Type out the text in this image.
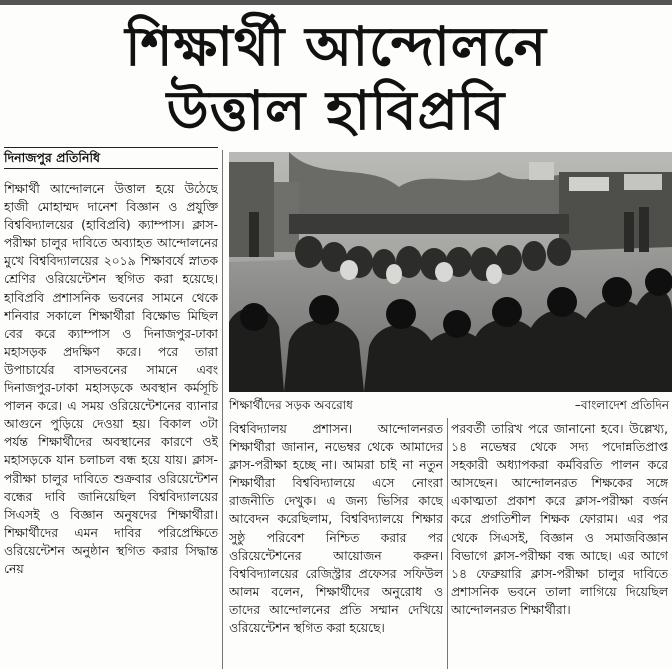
শিক্ষার্থী আন্দোলনে
উত্তাল হাবিপ্রবি
দিনাজপুর প্রতিনিধি
শিক্ষার্থীদের সড়ক অবরোধ	–বাংলাদেশ প্রতিদিন
শিক্ষার্থী আন্দোলনে উত্তাল হয়ে উঠেছে হাজী মোহাম্মদ দানেশ বিজ্ঞান ও প্রযুক্তি বিশ্ববিদ্যালয়ের (হাবিপ্রবি) ক্যাম্পাস। ক্লাস-পরীক্ষা চালুর দাবিতে অব্যাহত আন্দোলনের মুখে বিশ্ববিদ্যালয়ের ২০১৯ শিক্ষাবর্ষে স্নাতক শ্রেণির ওরিয়েন্টেশন স্থগিত করা হয়েছে। হাবিপ্রবি প্রশাসনিক ভবনের সামনে থেকে শনিবার সকালে শিক্ষার্থীরা বিক্ষোভ মিছিল বের করে ক্যাম্পাস ও দিনাজপুর-ঢাকা মহাসড়ক প্রদক্ষিণ করে। পরে তারা উপাচার্যের বাসভবনের সামনে এবং দিনাজপুর-ঢাকা মহাসড়কে অবস্থান কর্মসূচি পালন করে। এ সময় ওরিয়েন্টেশনের ব্যানার আগুনে পুড়িয়ে দেওয়া হয়। বিকাল ৩টা পর্যন্ত শিক্ষার্থীদের অবস্থানের কারণে ওই মহাসড়কে যান চলাচল বন্ধ হয়ে যায়। ক্লাস-পরীক্ষা চালুর দাবিতে শুক্রবার ওরিয়েন্টেশন বন্ধের দাবি জানিয়েছিল বিশ্ববিদ্যালয়ের সিএসই ও বিজ্ঞান অনুষদের শিক্ষার্থীরা। শিক্ষার্থীদের এমন দাবির পরিপ্রেক্ষিতে ওরিয়েন্টেশন অনুষ্ঠান স্থগিত করার সিদ্ধান্ত নেয়
বিশ্ববিদ্যালয় প্রশাসন। আন্দোলনরত শিক্ষার্থীরা জানান, নভেম্বর থেকে আমাদের ক্লাস-পরীক্ষা হচ্ছে না। আমরা চাই না নতুন শিক্ষার্থীরা বিশ্ববিদ্যালয়ে এসে নোংরা রাজনীতি দেখুক। এ জন্য ভিসির কাছে আবেদন করেছিলাম, বিশ্ববিদ্যালয়ে শিক্ষার সুষ্ঠু পরিবেশ নিশ্চিত করার পর ওরিয়েন্টেশনের আয়োজন করুন। বিশ্ববিদ্যালয়ের রেজিস্ট্রার প্রফেসর সফিউল আলম বলেন, শিক্ষার্থীদের অনুরোধ ও তাদের আন্দোলনের প্রতি সম্মান দেখিয়ে ওরিয়েন্টেশন স্থগিত করা হয়েছে।
পরবর্তী তারিখ পরে জানানো হবে। উল্লেখ্য, ১৪ নভেম্বর থেকে সদ্য পদোন্নতিপ্রাপ্ত সহকারী অধ্যাপকরা কর্মবিরতি পালন করে আসছেন। আন্দোলনরত শিক্ষকের সঙ্গে একাত্মতা প্রকাশ করে ক্লাস-পরীক্ষা বর্জন করে প্রগতিশীল শিক্ষক ফোরাম। এর পর থেকে সিএসই, বিজ্ঞান ও সমাজবিজ্ঞান বিভাগে ক্লাস-পরীক্ষা বন্ধ আছে। এর আগে ১৪ ফেব্রুয়ারি ক্লাস-পরীক্ষা চালুর দাবিতে প্রশাসনিক ভবনে তালা লাগিয়ে দিয়েছিল আন্দোলনরত শিক্ষার্থীরা।
